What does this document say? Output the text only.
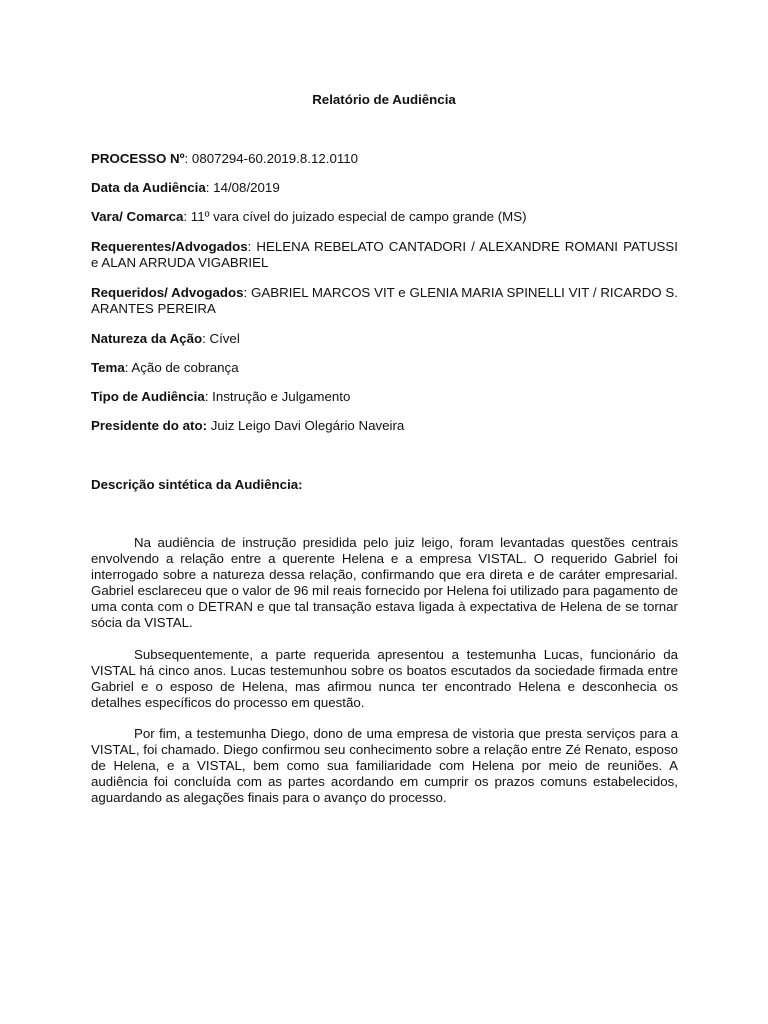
Relatório de Audiência
PROCESSO Nº: 0807294-60.2019.8.12.0110
Data da Audiência: 14/08/2019
Vara/ Comarca: 11º vara cível do juizado especial de campo grande (MS)
Requerentes/Advogados: HELENA REBELATO CANTADORI / ALEXANDRE ROMANI PATUSSI e ALAN ARRUDA VIGABRIEL
Requeridos/ Advogados: GABRIEL MARCOS VIT e GLENIA MARIA SPINELLI VIT / RICARDO S. ARANTES PEREIRA
Natureza da Ação: Cível
Tema: Ação de cobrança
Tipo de Audiência: Instrução e Julgamento
Presidente do ato: Juiz Leigo Davi Olegário Naveira
Descrição sintética da Audiência:

Na audiência de instrução presidida pelo juiz leigo, foram levantadas questões centrais envolvendo a relação entre a querente Helena e a empresa VISTAL. O requerido Gabriel foi interrogado sobre a natureza dessa relação, confirmando que era direta e de caráter empresarial. Gabriel esclareceu que o valor de 96 mil reais fornecido por Helena foi utilizado para pagamento de uma conta com o DETRAN e que tal transação estava ligada à expectativa de Helena de se tornar sócia da VISTAL.

Subsequentemente, a parte requerida apresentou a testemunha Lucas, funcionário da VISTAL há cinco anos. Lucas testemunhou sobre os boatos escutados da sociedade firmada entre Gabriel e o esposo de Helena, mas afirmou nunca ter encontrado Helena e desconhecia os detalhes específicos do processo em questão.

Por fim, a testemunha Diego, dono de uma empresa de vistoria que presta serviços para a VISTAL, foi chamado. Diego confirmou seu conhecimento sobre a relação entre Zé Renato, esposo de Helena, e a VISTAL, bem como sua familiaridade com Helena por meio de reuniões. A audiência foi concluída com as partes acordando em cumprir os prazos comuns estabelecidos, aguardando as alegações finais para o avanço do processo.
